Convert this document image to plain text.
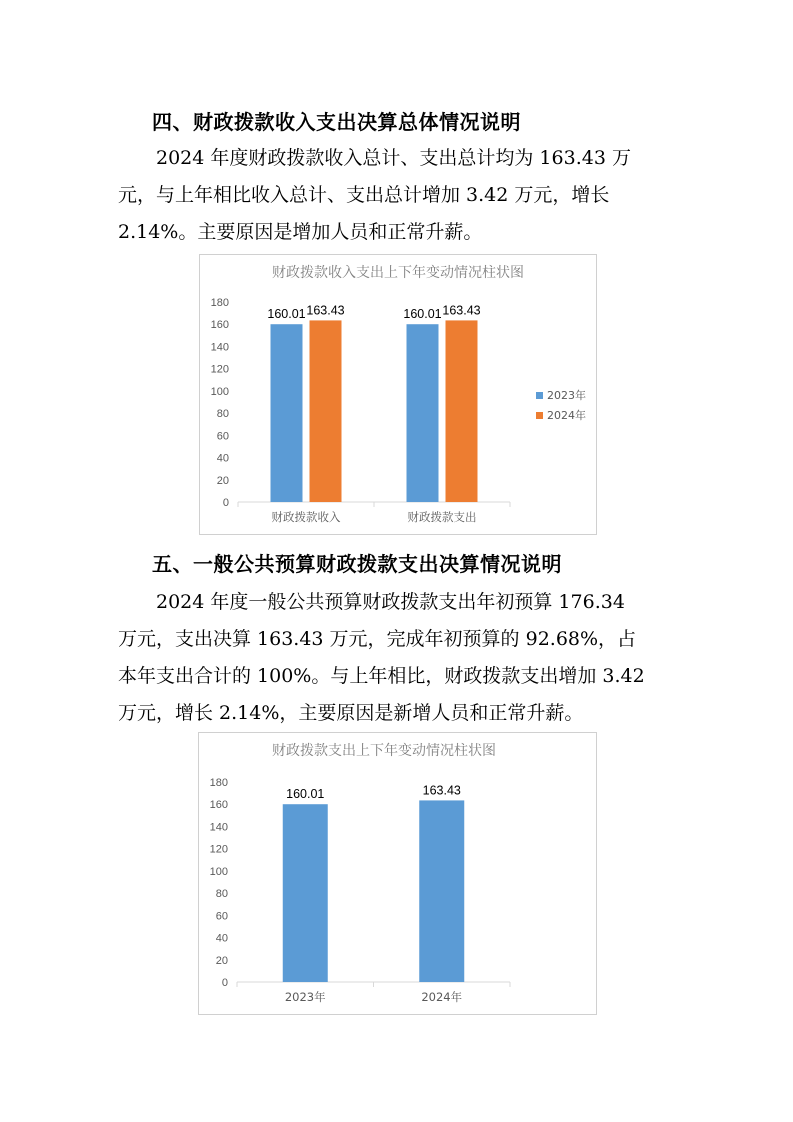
四、财政拨款收入支出决算总体情况说明
2024 年度财政拨款收入总计、支出总计均为 163.43 万
元，与上年相比收入总计、支出总计增加 3.42 万元，增长
2.14%。主要原因是增加人员和正常升薪。
财政拨款收入支出上下年变动情况柱状图
0
20
40
60
80
100
120
140
160
180
财政拨款收入
160.01 163.43
财政拨款支出
160.01 163.43
2023年
2024年
五、一般公共预算财政拨款支出决算情况说明
2024 年度一般公共预算财政拨款支出年初预算 176.34
万元，支出决算 163.43 万元，完成年初预算的 92.68%，占
本年支出合计的 100%。与上年相比，财政拨款支出增加 3.42
万元，增长 2.14%，主要原因是新增人员和正常升薪。
财政拨款支出上下年变动情况柱状图
0
20
40
60
80
100
120
140
160
180
2023年
160.01
2024年
163.43
